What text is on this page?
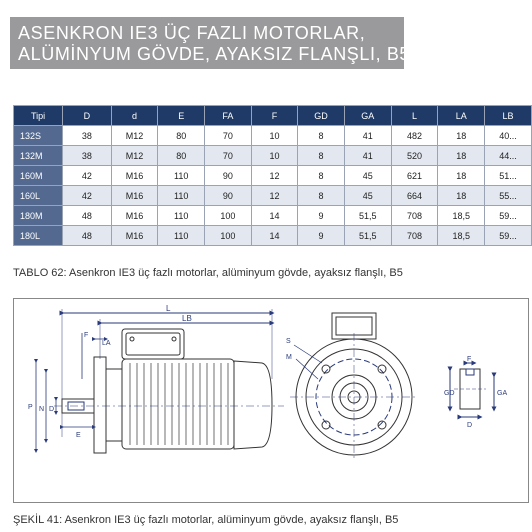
ASENKRON IE3 ÜÇ FAZLI MOTORLAR,
ALÜMİNYUM GÖVDE, AYAKSIZ FLANŞLI, B5
Tipi	D	d	E	FA	F	GD	GA	L	LA	LB
132S	38	M12	80	70	10	8	41	482	18	40...
132M	38	M12	80	70	10	8	41	520	18	44...
160M	42	M16	110	90	12	8	45	621	18	51...
160L	42	M16	110	90	12	8	45	664	18	55...
180M	48	M16	110	100	14	9	51,5	708	18,5	59...
180L	48	M16	110	100	14	9	51,5	708	18,5	59...
TABLO 62: Asenkron IE3 üç fazlı motorlar, alüminyum gövde, ayaksız flanşlı, B5
L
LB
F
LA
E
P N D
S
M	F
GD	GA
D
ŞEKİL 41: Asenkron IE3 üç fazlı motorlar, alüminyum gövde, ayaksız flanşlı, B5
